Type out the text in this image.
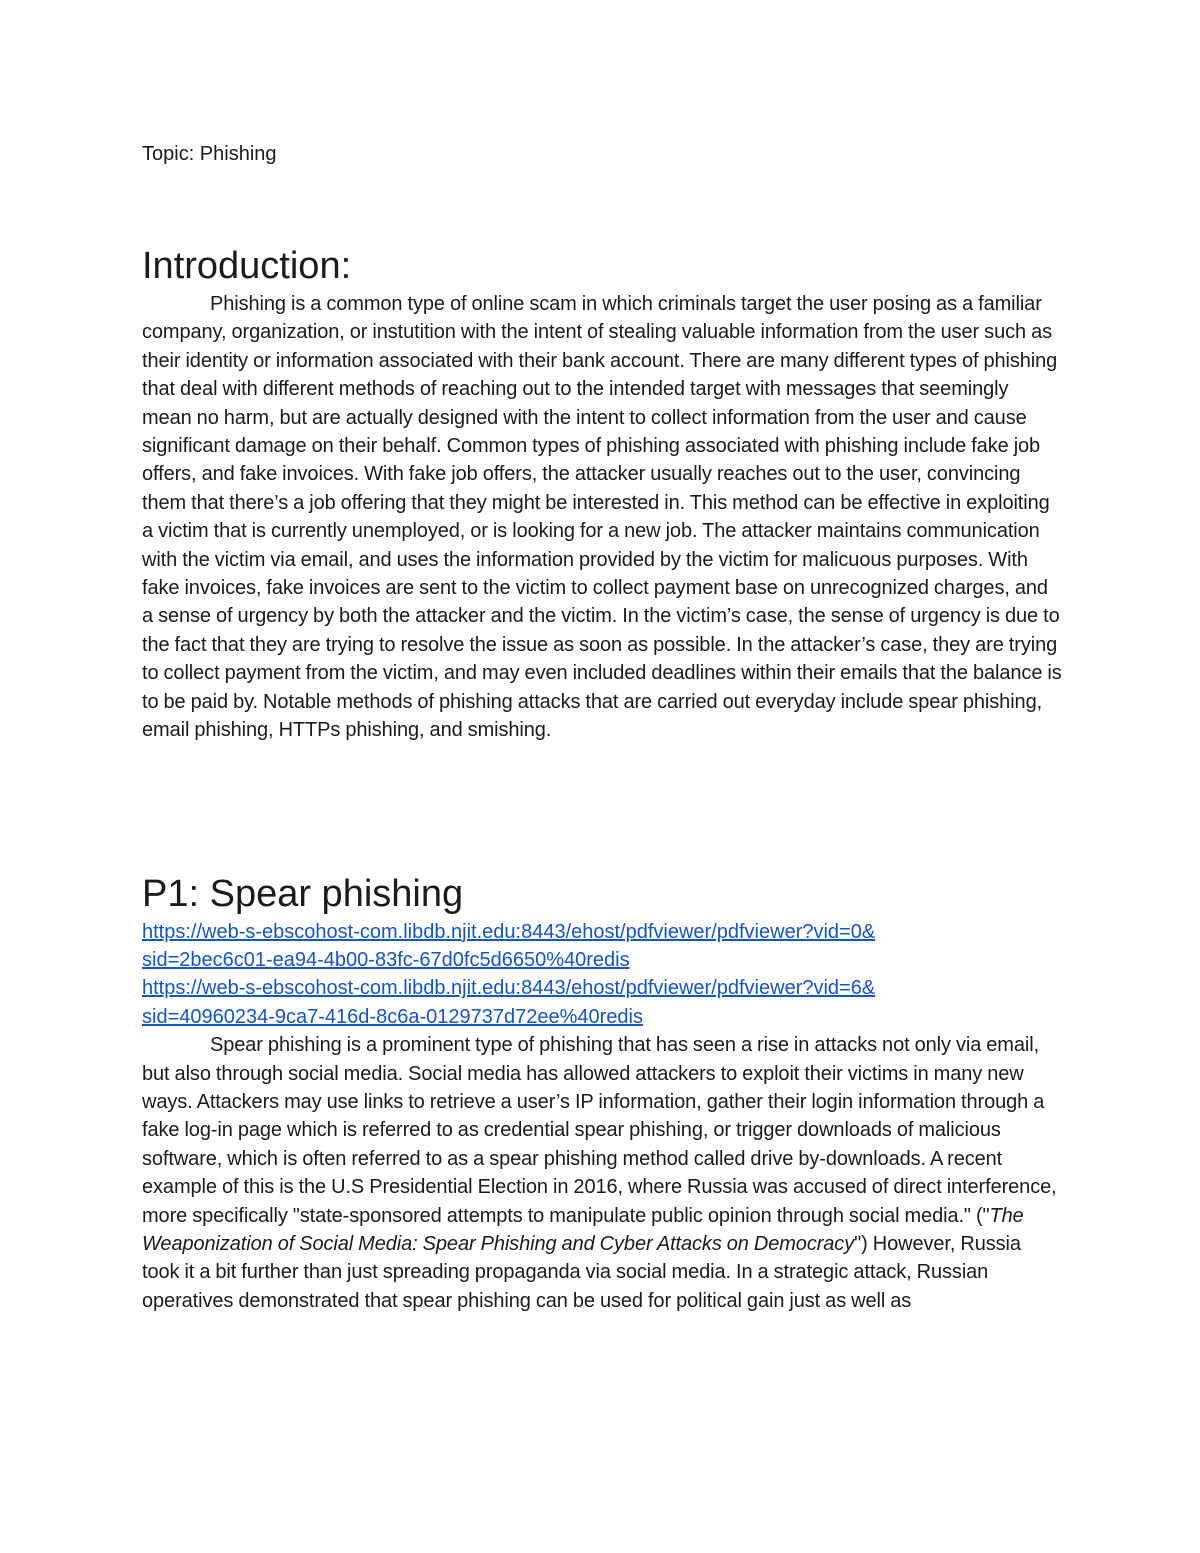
Topic: Phishing

Introduction:

Phishing is a common type of online scam in which criminals target the user posing as a familiar company, organization, or instutition with the intent of stealing valuable information from the user such as their identity or information associated with their bank account. There are many different types of phishing that deal with different methods of reaching out to the intended target with messages that seemingly mean no harm, but are actually designed with the intent to collect information from the user and cause significant damage on their behalf. Common types of phishing associated with phishing include fake job offers, and fake invoices. With fake job offers, the attacker usually reaches out to the user, convincing them that there’s a job offering that they might be interested in. This method can be effective in exploiting a victim that is currently unemployed, or is looking for a new job. The attacker maintains communication with the victim via email, and uses the information provided by the victim for malicuous purposes. With fake invoices, fake invoices are sent to the victim to collect payment base on unrecognized charges, and a sense of urgency by both the attacker and the victim. In the victim’s case, the sense of urgency is due to the fact that they are trying to resolve the issue as soon as possible. In the attacker’s case, they are trying to collect payment from the victim, and may even included deadlines within their emails that the balance is to be paid by. Notable methods of phishing attacks that are carried out everyday include spear phishing, email phishing, HTTPs phishing, and smishing.

P1: Spear phishing
https://web-s-ebscohost-com.libdb.njit.edu:8443/ehost/pdfviewer/pdfviewer?vid=0&sid=2bec6c01-ea94-4b00-83fc-67d0fc5d6650%40redis
https://web-s-ebscohost-com.libdb.njit.edu:8443/ehost/pdfviewer/pdfviewer?vid=6&sid=40960234-9ca7-416d-8c6a-0129737d72ee%40redis

Spear phishing is a prominent type of phishing that has seen a rise in attacks not only via email, but also through social media. Social media has allowed attackers to exploit their victims in many new ways. Attackers may use links to retrieve a user’s IP information, gather their login information through a fake log-in page which is referred to as credential spear phishing, or trigger downloads of malicious software, which is often referred to as a spear phishing method called drive by-downloads. A recent example of this is the U.S Presidential Election in 2016, where Russia was accused of direct interference, more specifically "state-sponsored attempts to manipulate public opinion through social media." ("The Weaponization of Social Media: Spear Phishing and Cyber Attacks on Democracy") However, Russia took it a bit further than just spreading propaganda via social media. In a strategic attack, Russian operatives demonstrated that spear phishing can be used for political gain just as well as
